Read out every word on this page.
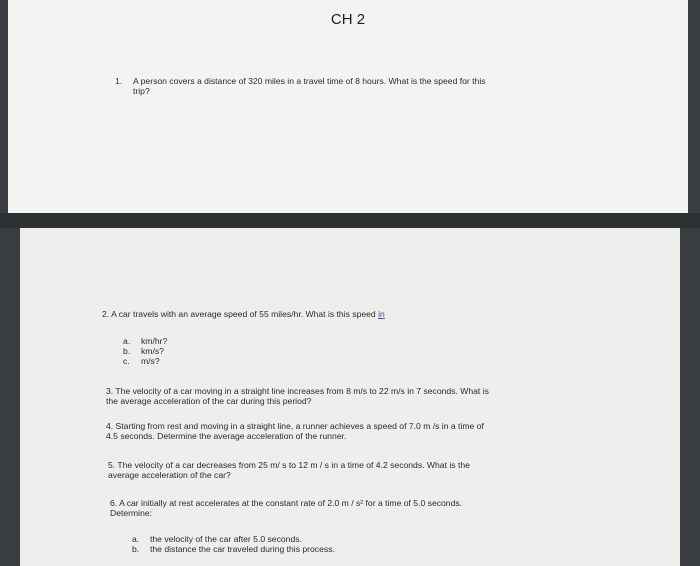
CH 2
1. A person covers a distance of 320 miles in a travel time of 8 hours. What is the speed for this
trip?
2. A car travels with an average speed of 55 miles/hr. What is this speed in
a. km/hr?
b. km/s?
c. m/s?
3. The velocity of a car moving in a straight line increases from 8 m/s to 22 m/s in 7 seconds. What is
the average acceleration of the car during this period?
4. Starting from rest and moving in a straight line, a runner achieves a speed of 7.0 m /s in a time of
4.5 seconds. Determine the average acceleration of the runner.
5. The velocity of a car decreases from 25 m/ s to 12 m / s in a time of 4.2 seconds. What is the
average acceleration of the car?
6. A car initially at rest accelerates at the constant rate of 2.0 m / s² for a time of 5.0 seconds.
Determine:
a. the velocity of the car after 5.0 seconds.
b. the distance the car traveled during this process.
